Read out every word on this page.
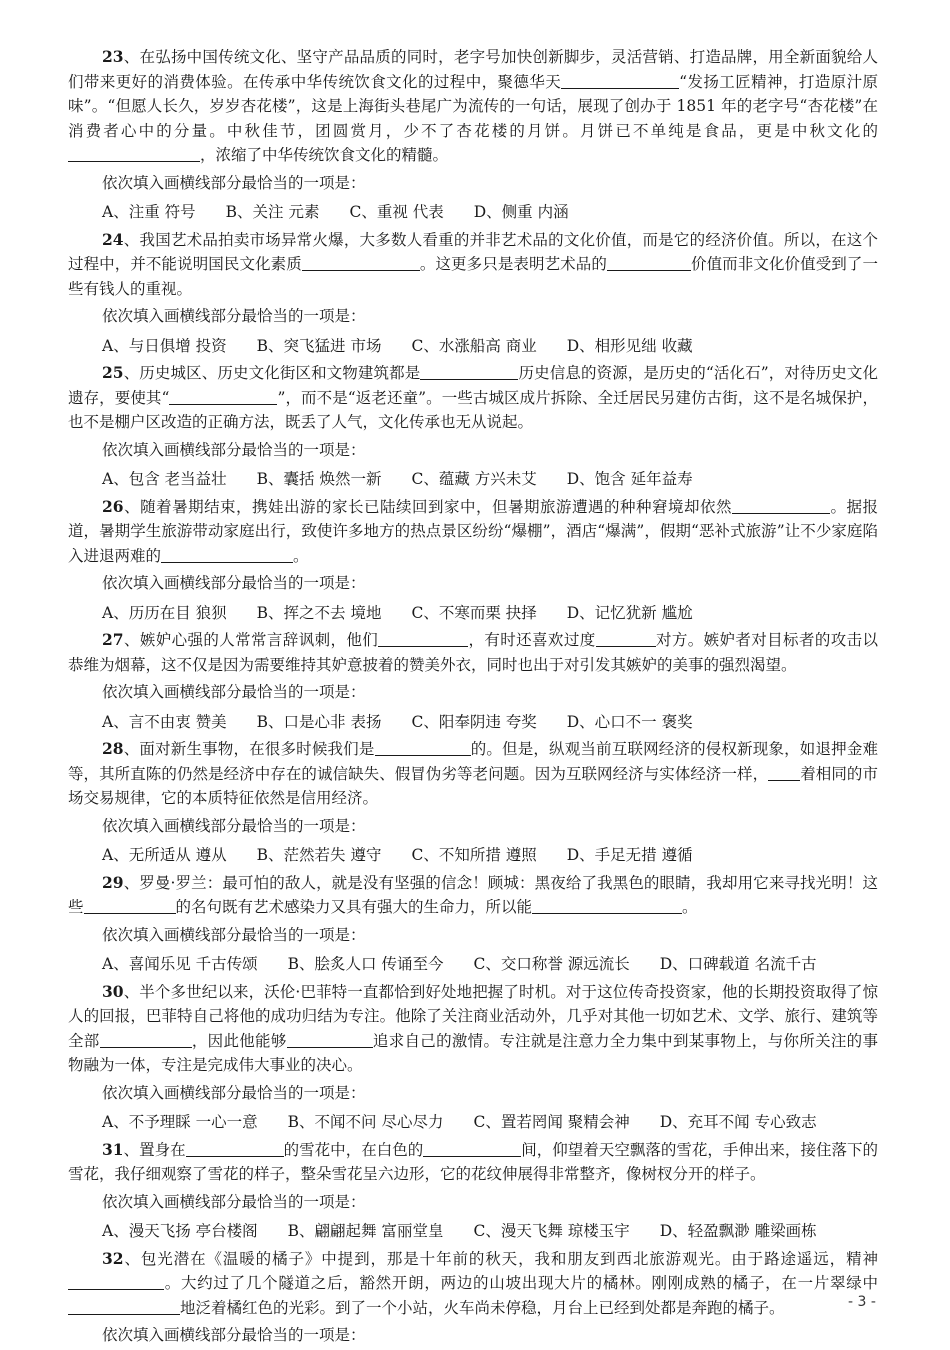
23、在弘扬中国传统文化、坚守产品品质的同时，老字号加快创新脚步，灵活营销、打造品牌，用全新面貌给人们带来更好的消费体验。在传承中华传统饮食文化的过程中，聚德华天	“发扬工匠精神，打造原汁原味”。“但愿人长久，岁岁杏花楼”，这是上海街头巷尾广为流传的一句话，展现了创办于 1851 年的老字号“杏花楼”在消费者心中的分量。中秋佳节，团圆赏月，少不了杏花楼的月饼。月饼已不单纯是食品，更是中秋文化的，浓缩了中华传统饮食文化的精髓。

依次填入画横线部分最恰当的一项是：

A、注重 符号 B、关注 元素 C、重视 代表 D、侧重 内涵

24、我国艺术品拍卖市场异常火爆，大多数人看重的并非艺术品的文化价值，而是它的经济价值。所以，在这个过程中，并不能说明国民文化素质	。这更多只是表明艺术品的	价值而非文化价值受到了一些有钱人的重视。

依次填入画横线部分最恰当的一项是：

A、与日俱增 投资 B、突飞猛进 市场 C、水涨船高 商业 D、相形见绌 收藏

25、历史城区、历史文化街区和文物建筑都是	历史信息的资源，是历史的“活化石”，对待历史文化遗存，要使其“	”，而不是“返老还童”。一些古城区成片拆除、全迁居民另建仿古街，这不是名城保护，也不是棚户区改造的正确方法，既丢了人气，文化传承也无从说起。

依次填入画横线部分最恰当的一项是：

A、包含 老当益壮 B、囊括 焕然一新 C、蕴藏 方兴未艾 D、饱含 延年益寿

26、随着暑期结束，携娃出游的家长已陆续回到家中，但暑期旅游遭遇的种种窘境却依然	。据报道，暑期学生旅游带动家庭出行，致使许多地方的热点景区纷纷“爆棚”，酒店“爆满”，假期“恶补式旅游”让不少家庭陷入进退两难的	。

依次填入画横线部分最恰当的一项是：

A、历历在目 狼狈 B、挥之不去 境地 C、不寒而栗 抉择 D、记忆犹新 尴尬

27、嫉妒心强的人常常言辞讽刺，他们	，有时还喜欢过度	对方。嫉妒者对目标者的攻击以恭维为烟幕，这不仅是因为需要维持其妒意披着的赞美外衣，同时也出于对引发其嫉妒的美事的强烈渴望。

依次填入画横线部分最恰当的一项是：

A、言不由衷 赞美 B、口是心非 表扬 C、阳奉阴违 夸奖 D、心口不一 褒奖

28、面对新生事物，在很多时候我们是	的。但是，纵观当前互联网经济的侵权新现象，如退押金难等，其所直陈的仍然是经济中存在的诚信缺失、假冒伪劣等老问题。因为互联网经济与实体经济一样， 着相同的市场交易规律，它的本质特征依然是信用经济。

依次填入画横线部分最恰当的一项是：

A、无所适从 遵从 B、茫然若失 遵守 C、不知所措 遵照 D、手足无措 遵循

29、罗曼·罗兰：最可怕的敌人，就是没有坚强的信念！顾城：黑夜给了我黑色的眼睛，我却用它来寻找光明！这些	的名句既有艺术感染力又具有强大的生命力，所以能	。

依次填入画横线部分最恰当的一项是：

A、喜闻乐见 千古传颂 B、脍炙人口 传诵至今 C、交口称誉 源远流长 D、口碑载道 名流千古

30、半个多世纪以来，沃伦·巴菲特一直都恰到好处地把握了时机。对于这位传奇投资家，他的长期投资取得了惊人的回报，巴菲特自己将他的成功归结为专注。他除了关注商业活动外，几乎对其他一切如艺术、文学、旅行、建筑等全部	，因此他能够	追求自己的激情。专注就是注意力全力集中到某事物上，与你所关注的事物融为一体，专注是完成伟大事业的决心。

依次填入画横线部分最恰当的一项是：

A、不予理睬 一心一意 B、不闻不问 尽心尽力 C、置若罔闻 聚精会神 D、充耳不闻 专心致志

31、置身在	的雪花中，在白色的	间，仰望着天空飘落的雪花，手伸出来，接住落下的雪花，我仔细观察了雪花的样子，整朵雪花呈六边形，它的花纹伸展得非常整齐，像树杈分开的样子。

依次填入画横线部分最恰当的一项是：

A、漫天飞扬 亭台楼阁 B、翩翩起舞 富丽堂皇 C、漫天飞舞 琼楼玉宇 D、轻盈飘渺 雕梁画栋

32、包光潜在《温暖的橘子》中提到，那是十年前的秋天，我和朋友到西北旅游观光。由于路途遥远，精神。大约过了几个隧道之后，豁然开朗，两边的山坡出现大片的橘林。刚刚成熟的橘子，在一片翠绿中地泛着橘红色的光彩。到了一个小站，火车尚未停稳，月台上已经到处都是奔跑的橘子。

依次填入画横线部分最恰当的一项是：

- 3 -
